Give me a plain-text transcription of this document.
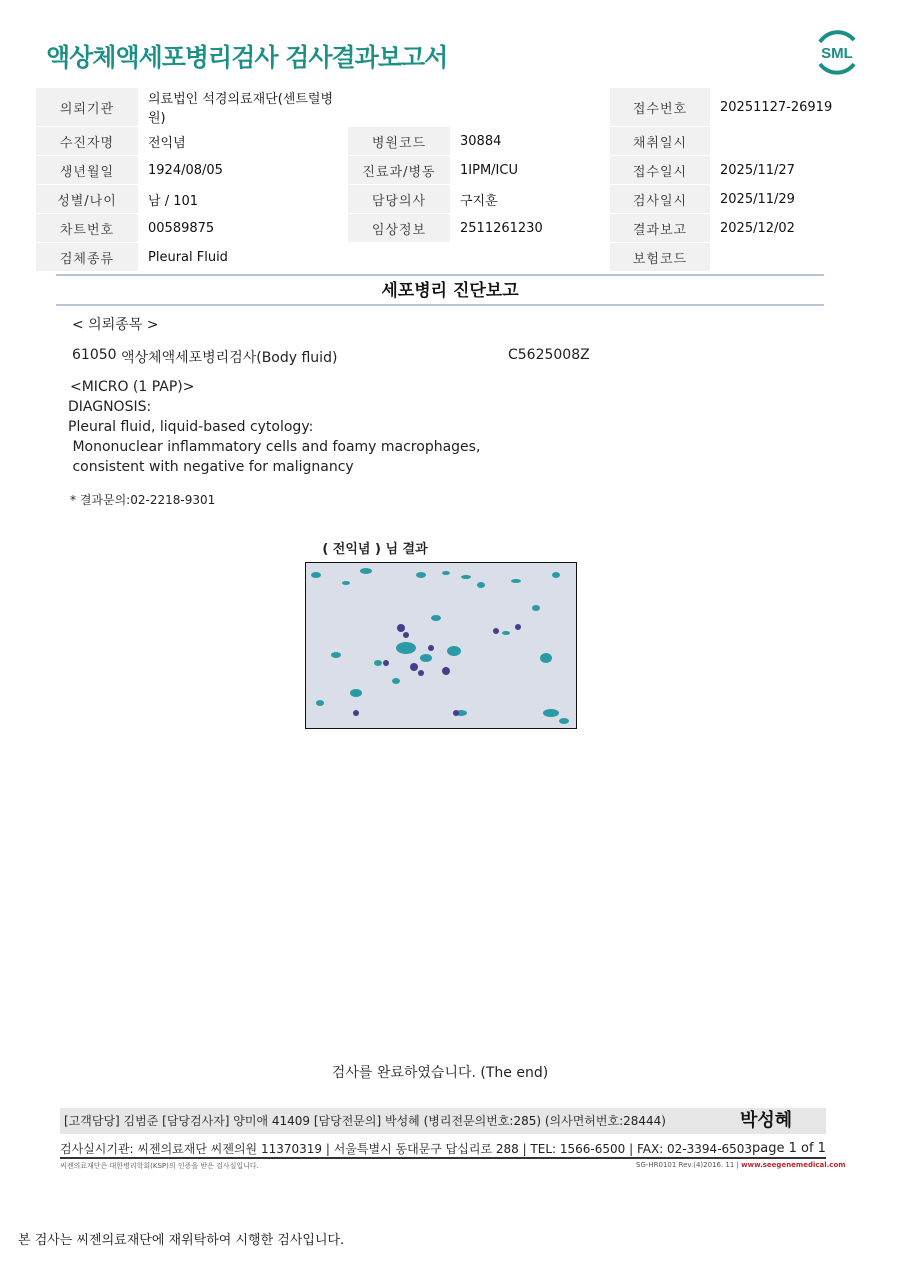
액상체액세포병리검사 검사결과보고서	SML
의뢰기관	의료법인 석경의료재단(센트럴병원)			접수번호	20251127-26919
수진자명	전익념	병원코드	30884	채취일시	
생년월일	1924/08/05	진료과/병동	1IPM/ICU	접수일시	2025/11/27
성별/나이	남 / 101	담당의사	구지훈	검사일시	2025/11/29
차트번호	00589875	임상정보	2511261230	결과보고	2025/12/02
검체종류	Pleural Fluid			보험코드	
세포병리 진단보고
< 의뢰종목 >
61050 액상체액세포병리검사(Body fluid)	C5625008Z
<MICRO (1 PAP)>
DIAGNOSIS:
Pleural fluid, liquid-based cytology:
Mononuclear inflammatory cells and foamy macrophages,
consistent with negative for malignancy
* 결과문의:02-2218-9301
( 전익념 ) 님 결과
검사를 완료하였습니다. (The end)
[고객담당] 김범준 [담당검사자] 양미애 41409 [담당전문의] 박성혜 (병리전문의번호:285) (의사면허번호:28444)	박성혜
검사실시기관: 씨젠의료재단 씨젠의원 11370319 | 서울특별시 동대문구 답십리로 288 | TEL: 1566-6500 | FAX: 02-3394-6503 page 1 of 1
씨젠의료재단은 대한병리학회(KSP)의 인증을 받은 검사실입니다.	SG-HR0101 Rev.(4)2016. 11 | www.seegenemedical.com
본 검사는 씨젠의료재단에 재위탁하여 시행한 검사입니다.
